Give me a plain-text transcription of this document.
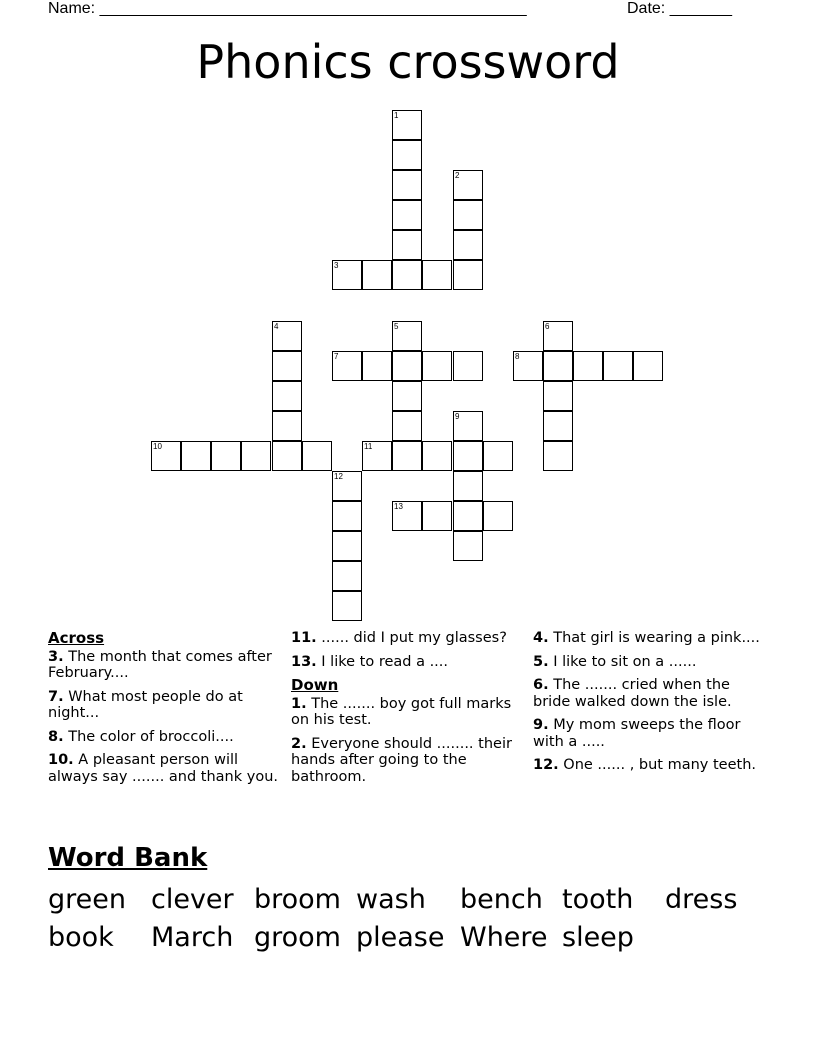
Name: ________________________________________________	Date: _______
Phonics crossword
1
2
3
4	5	6
7	8
9
10	11
12
13
Across
3. The month that comes after February....
7. What most people do at night...
8. The color of broccoli....
10. A pleasant person will always say ....... and thank you.
11. ...... did I put my glasses?
13. I like to read a ....
Down
1. The ....... boy got full marks on his test.
2. Everyone should ........ their hands after going to the bathroom.
4. That girl is wearing a pink....
5. I like to sit on a ......
6. The ....... cried when the bride walked down the isle.
9. My mom sweeps the floor with a .....
12. One ...... , but many teeth.
Word Bank
green clever broom wash bench tooth dress
book March groom please Where sleep
